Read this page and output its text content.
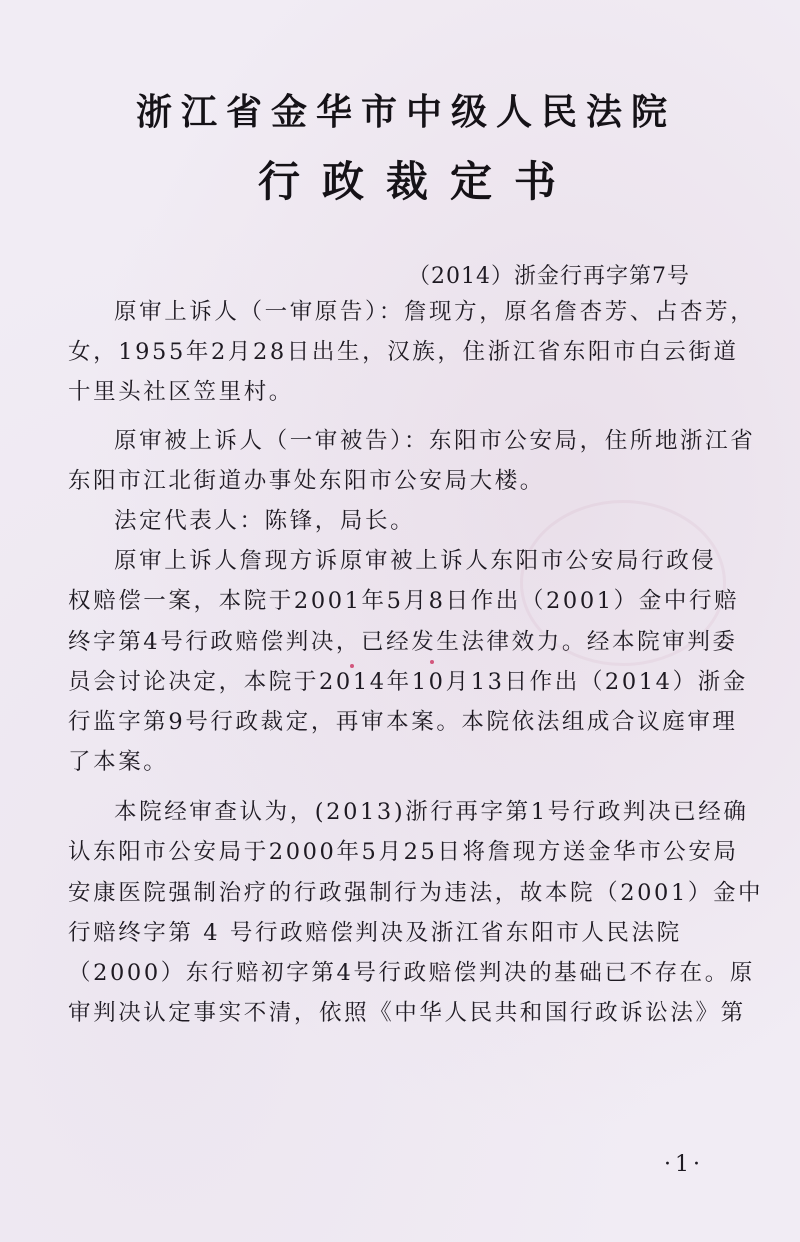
浙江省金华市中级人民法院
行政裁定书
（2014）浙金行再字第7号
原审上诉人（一审原告）：詹现方，原名詹杏芳、占杏芳，
女，1955年2月28日出生，汉族，住浙江省东阳市白云街道
十里头社区笠里村。
原审被上诉人（一审被告）：东阳市公安局，住所地浙江省
东阳市江北街道办事处东阳市公安局大楼。
法定代表人：陈锋，局长。
原审上诉人詹现方诉原审被上诉人东阳市公安局行政侵
权赔偿一案，本院于2001年5月8日作出（2001）金中行赔
终字第4号行政赔偿判决，已经发生法律效力。经本院审判委
员会讨论决定，本院于2014年10月13日作出（2014）浙金
行监字第9号行政裁定，再审本案。本院依法组成合议庭审理
了本案。
本院经审查认为，(2013)浙行再字第1号行政判决已经确
认东阳市公安局于2000年5月25日将詹现方送金华市公安局
安康医院强制治疗的行政强制行为违法，故本院（2001）金中
行赔终字第 4 号行政赔偿判决及浙江省东阳市人民法院
（2000）东行赔初字第4号行政赔偿判决的基础已不存在。原
审判决认定事实不清，依照《中华人民共和国行政诉讼法》第
·1·
